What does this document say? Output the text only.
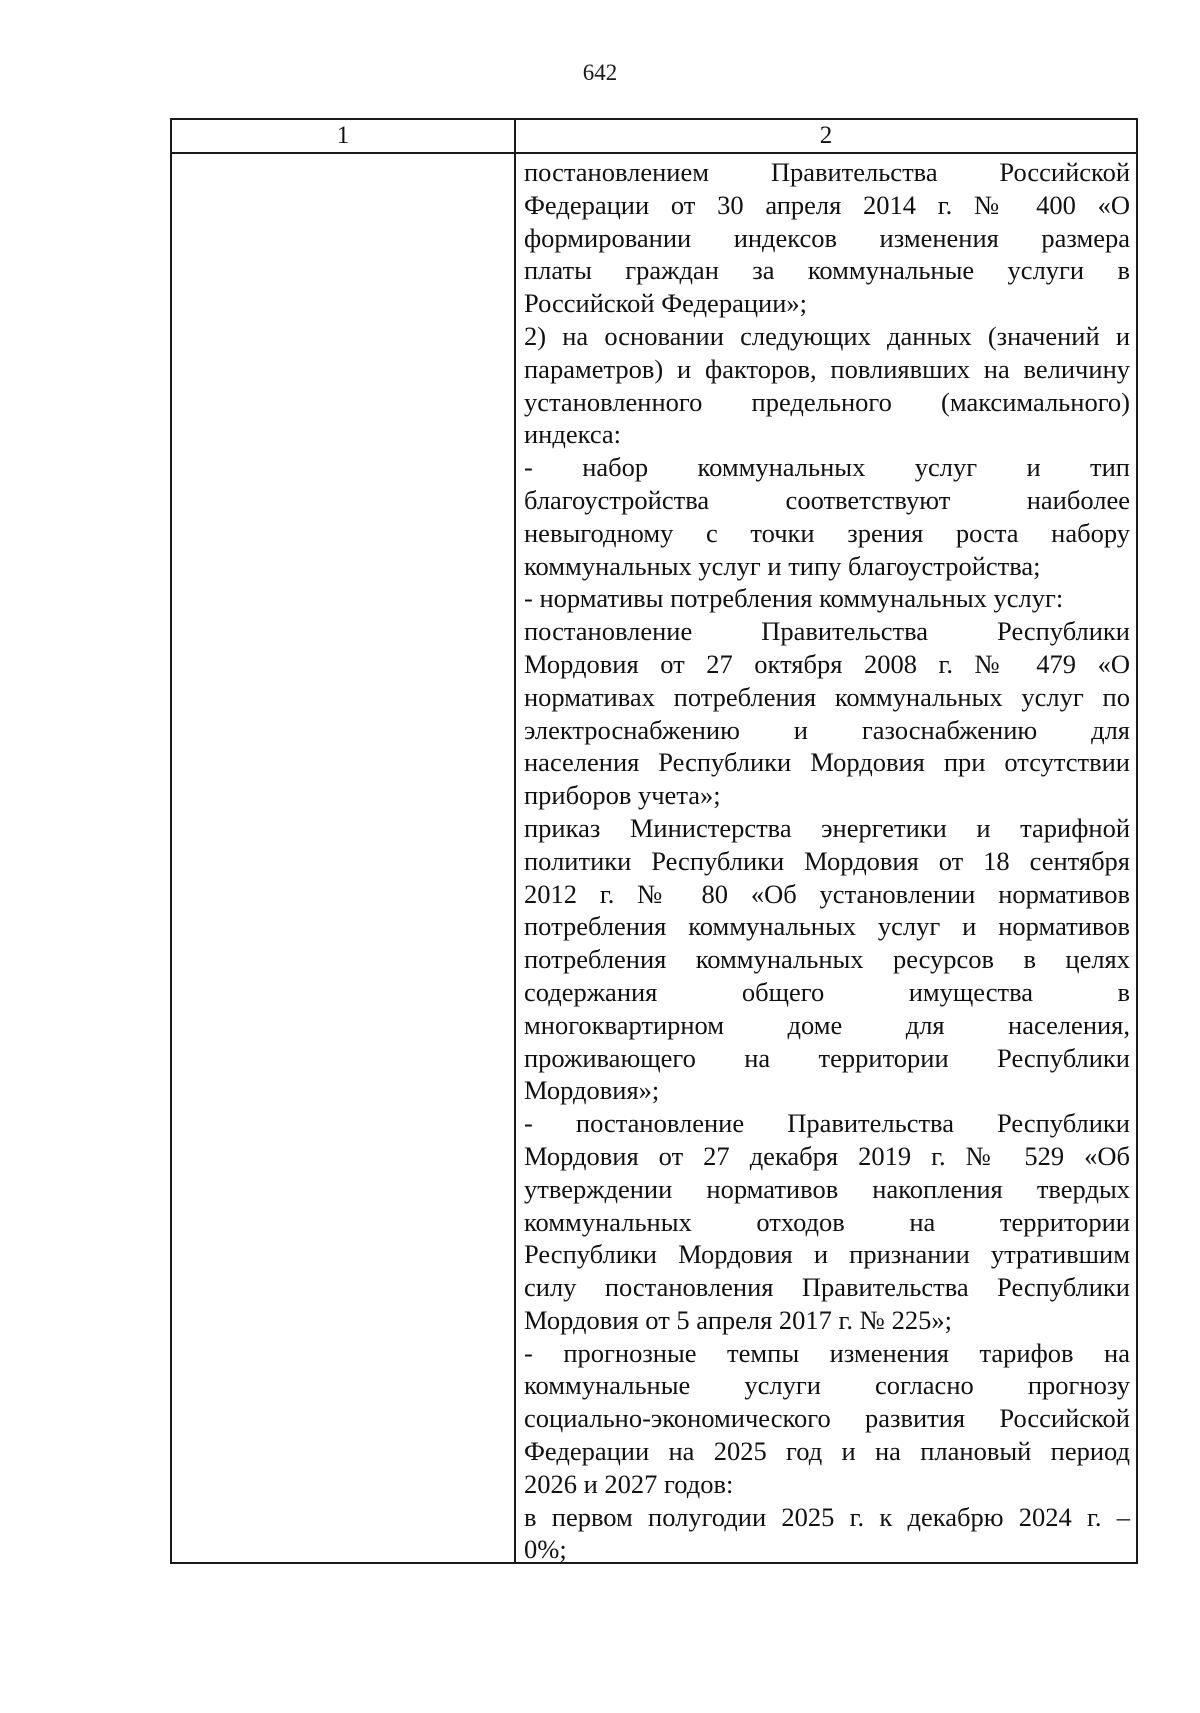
642
1	2
постановлением Правительства Российской
Федерации от 30 апреля 2014 г. № 400 «О
формировании индексов изменения размера
платы граждан за коммунальные услуги в
Российской Федерации»;
2) на основании следующих данных (значений и
параметров) и факторов, повлиявших на величину
установленного предельного (максимального)
индекса:
- набор коммунальных услуг и тип
благоустройства соответствуют наиболее
невыгодному с точки зрения роста набору
коммунальных услуг и типу благоустройства;
- нормативы потребления коммунальных услуг:
постановление Правительства Республики
Мордовия от 27 октября 2008 г. № 479 «О
нормативах потребления коммунальных услуг по
электроснабжению и газоснабжению для
населения Республики Мордовия при отсутствии
приборов учета»;
приказ Министерства энергетики и тарифной
политики Республики Мордовия от 18 сентября
2012 г. № 80 «Об установлении нормативов
потребления коммунальных услуг и нормативов
потребления коммунальных ресурсов в целях
содержания общего имущества в
многоквартирном доме для населения,
проживающего на территории Республики
Мордовия»;
- постановление Правительства Республики
Мордовия от 27 декабря 2019 г. № 529 «Об
утверждении нормативов накопления твердых
коммунальных отходов на территории
Республики Мордовия и признании утратившим
силу постановления Правительства Республики
Мордовия от 5 апреля 2017 г. № 225»;
- прогнозные темпы изменения тарифов на
коммунальные услуги согласно прогнозу
социально-экономического развития Российской
Федерации на 2025 год и на плановый период
2026 и 2027 годов:
в первом полугодии 2025 г. к декабрю 2024 г. –
0%;
